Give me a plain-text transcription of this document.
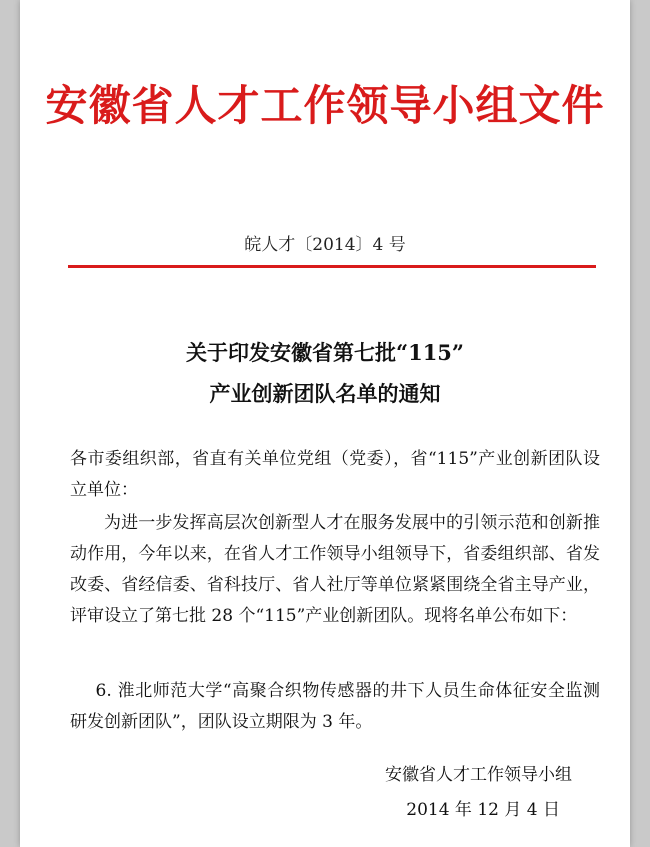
安徽省人才工作领导小组文件
皖人才〔2014〕4 号
关于印发安徽省第七批“115”
产业创新团队名单的通知
各市委组织部，省直有关单位党组（党委），省“115”产业创新团队设立单位：
为进一步发挥高层次创新型人才在服务发展中的引领示范和创新推动作用，今年以来，在省人才工作领导小组领导下，省委组织部、省发改委、省经信委、省科技厅、省人社厅等单位紧紧围绕全省主导产业，评审设立了第七批 28 个“115”产业创新团队。现将名单公布如下：
6. 淮北师范大学“高聚合织物传感器的井下人员生命体征安全监测研发创新团队”，团队设立期限为 3 年。
安徽省人才工作领导小组
2014 年 12 月 4 日
